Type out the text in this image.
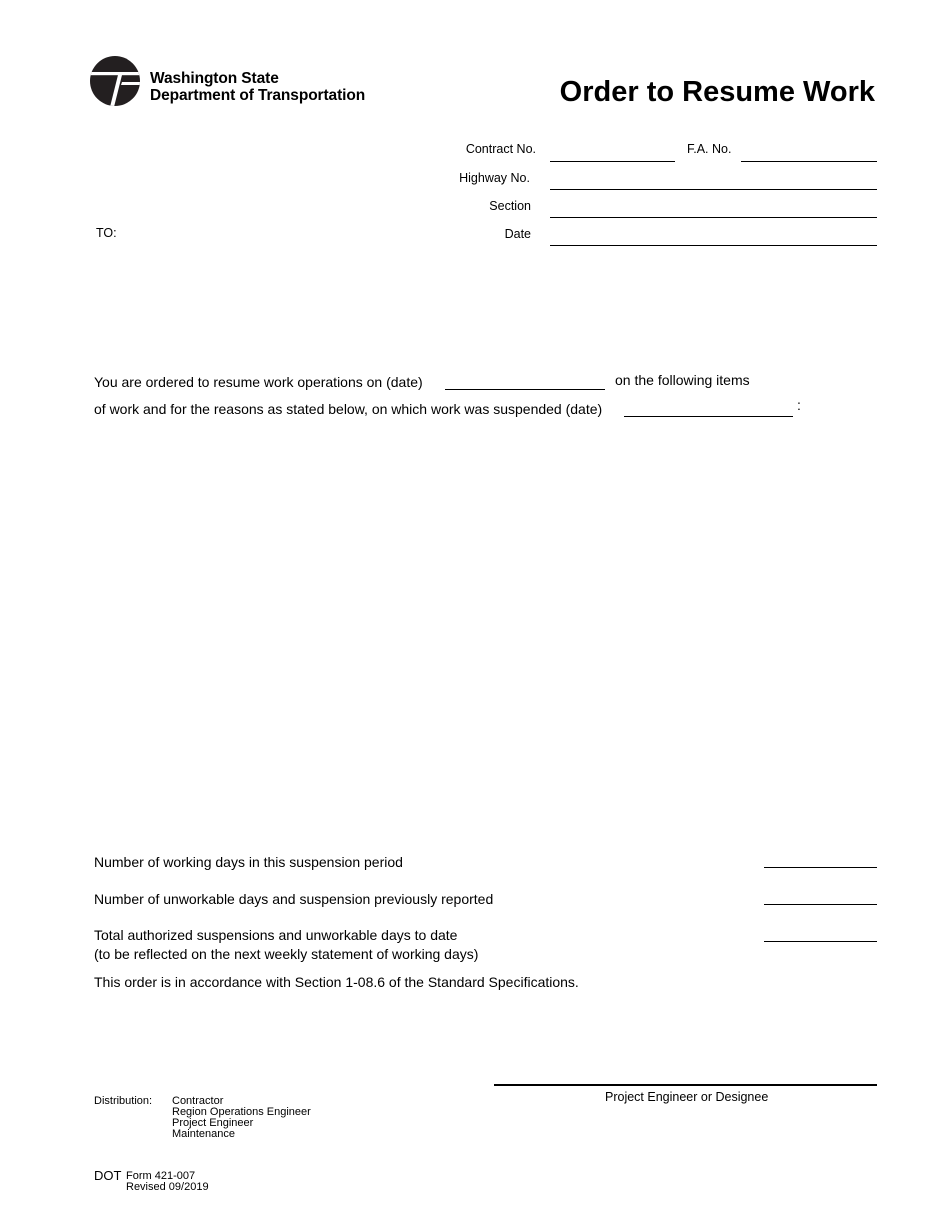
Washington State
Department of Transportation	Order to Resume Work
Contract No.	F.A. No.
Highway No.
Section
TO:	Date
You are ordered to resume work operations on (date)	on the following items
of work and for the reasons as stated below, on which work was suspended (date)	:
Number of working days in this suspension period
Number of unworkable days and suspension previously reported
Total authorized suspensions and unworkable days to date
(to be reflected on the next weekly statement of working days)
This order is in accordance with Section 1-08.6 of the Standard Specifications.
Project Engineer or Designee
Distribution: Contractor
Region Operations Engineer
Project Engineer
Maintenance
DOT Form 421-007
Revised 09/2019
